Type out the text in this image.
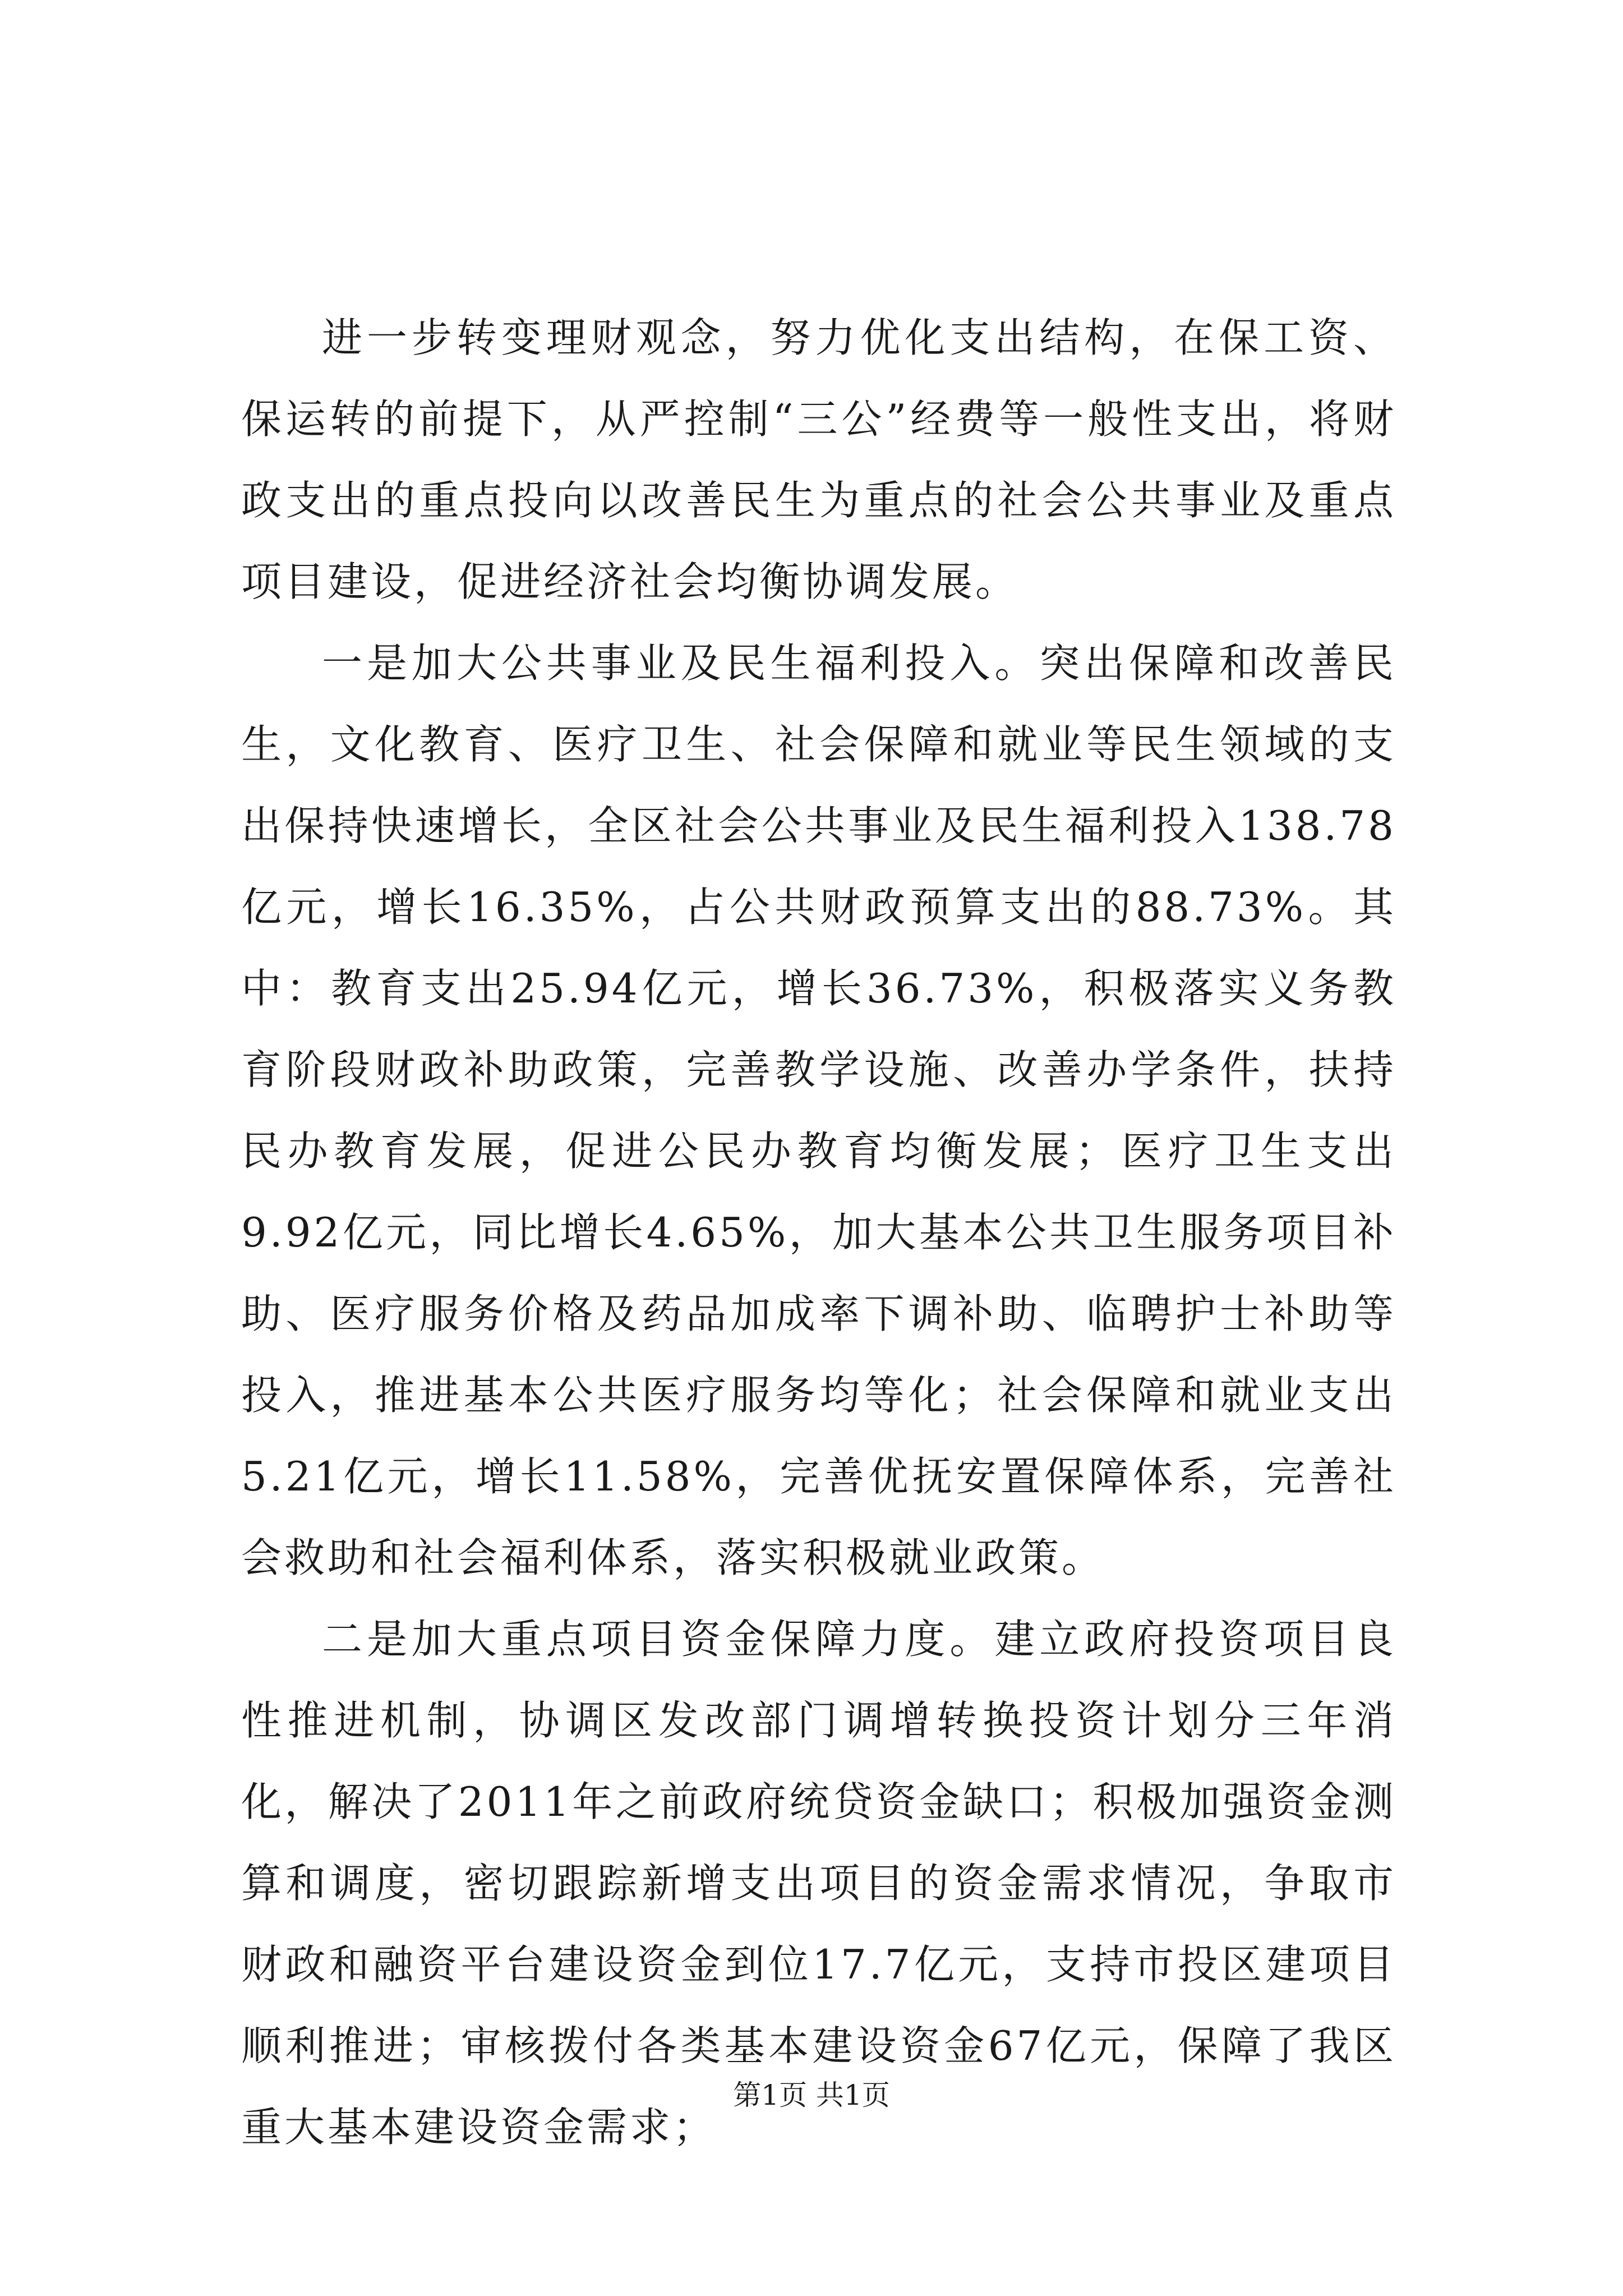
进一步转变理财观念，努力优化支出结构，在保工资、保运转的前提下，从严控制“三公”经费等一般性支出，将财政支出的重点投向以改善民生为重点的社会公共事业及重点项目建设，促进经济社会均衡协调发展。

一是加大公共事业及民生福利投入。突出保障和改善民生，文化教育、医疗卫生、社会保障和就业等民生领域的支出保持快速增长，全区社会公共事业及民生福利投入138.78亿元，增长16.35%，占公共财政预算支出的88.73%。其中：教育支出25.94亿元，增长36.73%，积极落实义务教育阶段财政补助政策，完善教学设施、改善办学条件，扶持民办教育发展，促进公民办教育均衡发展；医疗卫生支出9.92亿元，同比增长4.65%，加大基本公共卫生服务项目补助、医疗服务价格及药品加成率下调补助、临聘护士补助等投入，推进基本公共医疗服务均等化；社会保障和就业支出5.21亿元，增长11.58%，完善优抚安置保障体系，完善社会救助和社会福利体系，落实积极就业政策。

二是加大重点项目资金保障力度。建立政府投资项目良性推进机制，协调区发改部门调增转换投资计划分三年消化，解决了2011年之前政府统贷资金缺口；积极加强资金测算和调度，密切跟踪新增支出项目的资金需求情况，争取市财政和融资平台建设资金到位17.7亿元，支持市投区建项目顺利推进；审核拨付各类基本建设资金67亿元，保障了我区重大基本建设资金需求；

第1页 共1页
